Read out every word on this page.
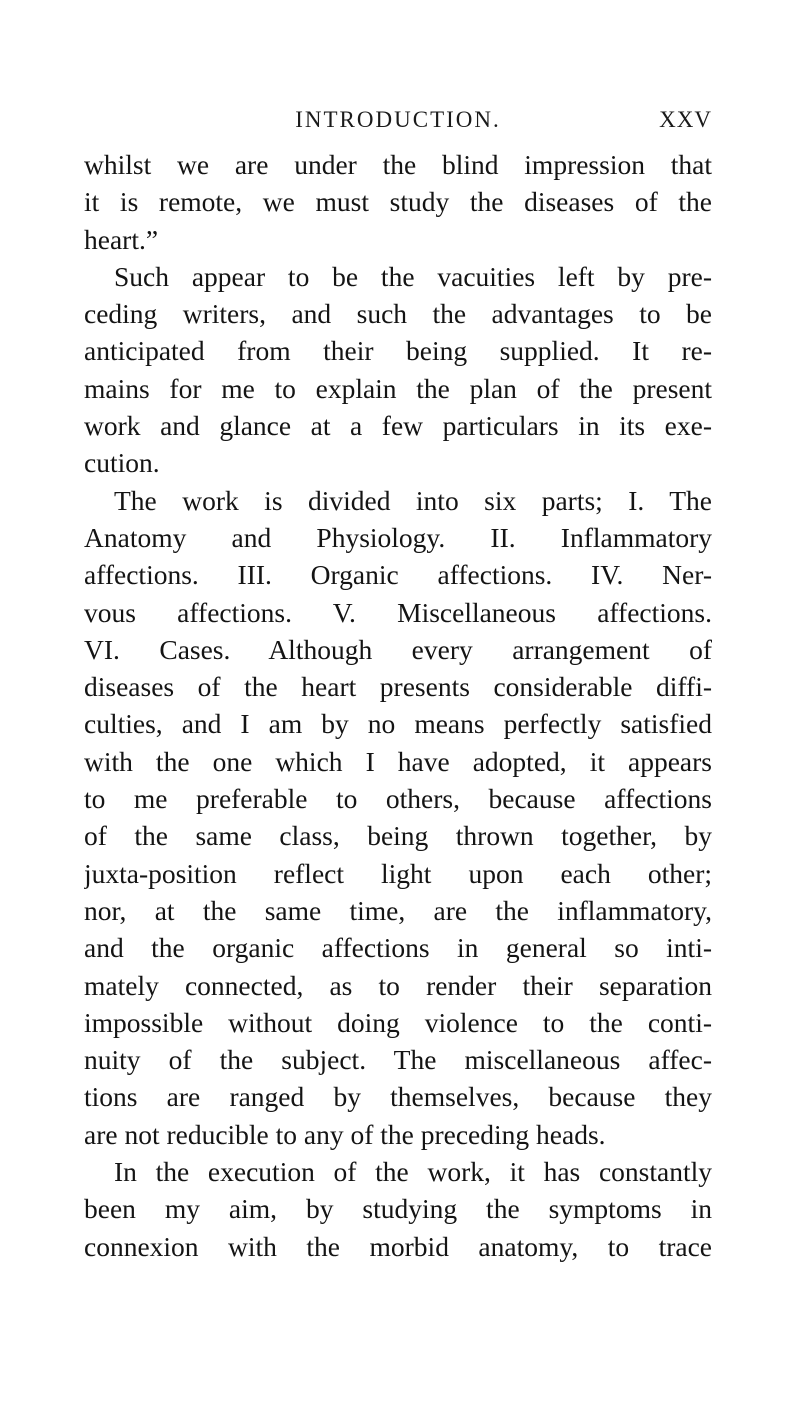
INTRODUCTION.	XXV
whilst we are under the blind impression that
it is remote, we must study the diseases of the
heart.”
Such appear to be the vacuities left by pre-
ceding writers, and such the advantages to be
anticipated from their being supplied. It re-
mains for me to explain the plan of the present
work and glance at a few particulars in its exe-
cution.
The work is divided into six parts; I. The
Anatomy and Physiology. II. Inflammatory
affections. III. Organic affections. IV. Ner-
vous affections. V. Miscellaneous affections.
VI. Cases. Although every arrangement of
diseases of the heart presents considerable diffi-
culties, and I am by no means perfectly satisfied
with the one which I have adopted, it appears
to me preferable to others, because affections
of the same class, being thrown together, by
juxta-position reflect light upon each other;
nor, at the same time, are the inflammatory,
and the organic affections in general so inti-
mately connected, as to render their separation
impossible without doing violence to the conti-
nuity of the subject. The miscellaneous affec-
tions are ranged by themselves, because they
are not reducible to any of the preceding heads.
In the execution of the work, it has constantly
been my aim, by studying the symptoms in
connexion with the morbid anatomy, to trace
